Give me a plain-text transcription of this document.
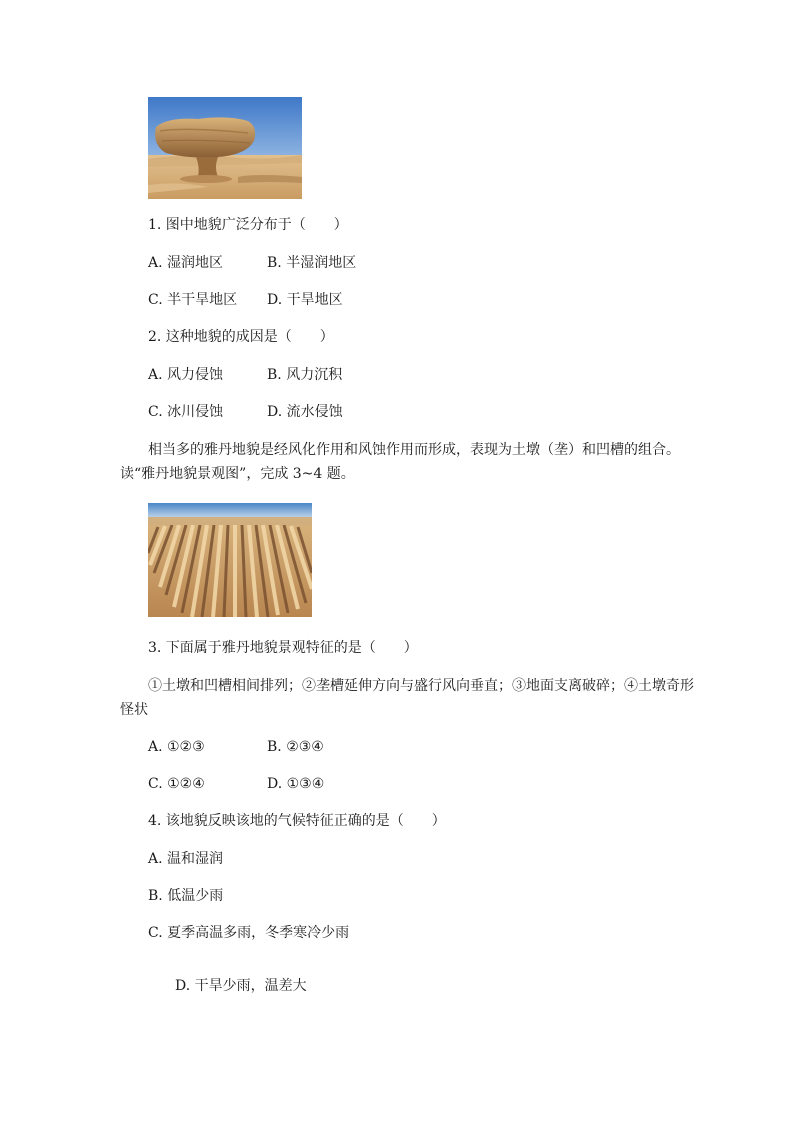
1. 图中地貌广泛分布于（　　）
A. 湿润地区	B. 半湿润地区
C. 半干旱地区 D. 干旱地区
2. 这种地貌的成因是（　　）
A. 风力侵蚀	B. 风力沉积
C. 冰川侵蚀	D. 流水侵蚀
相当多的雅丹地貌是经风化作用和风蚀作用而形成，表现为土墩（垄）和凹槽的组合。
读“雅丹地貌景观图”，完成 3~4 题。
3. 下面属于雅丹地貌景观特征的是（　　）
①土墩和凹槽相间排列；②垄槽延伸方向与盛行风向垂直；③地面支离破碎；④土墩奇形
怪状
A. ①②③	B. ②③④
C. ①②④	D. ①③④
4. 该地貌反映该地的气候特征正确的是（　　）
A. 温和湿润
B. 低温少雨
C. 夏季高温多雨，冬季寒冷少雨
D. 干旱少雨，温差大
